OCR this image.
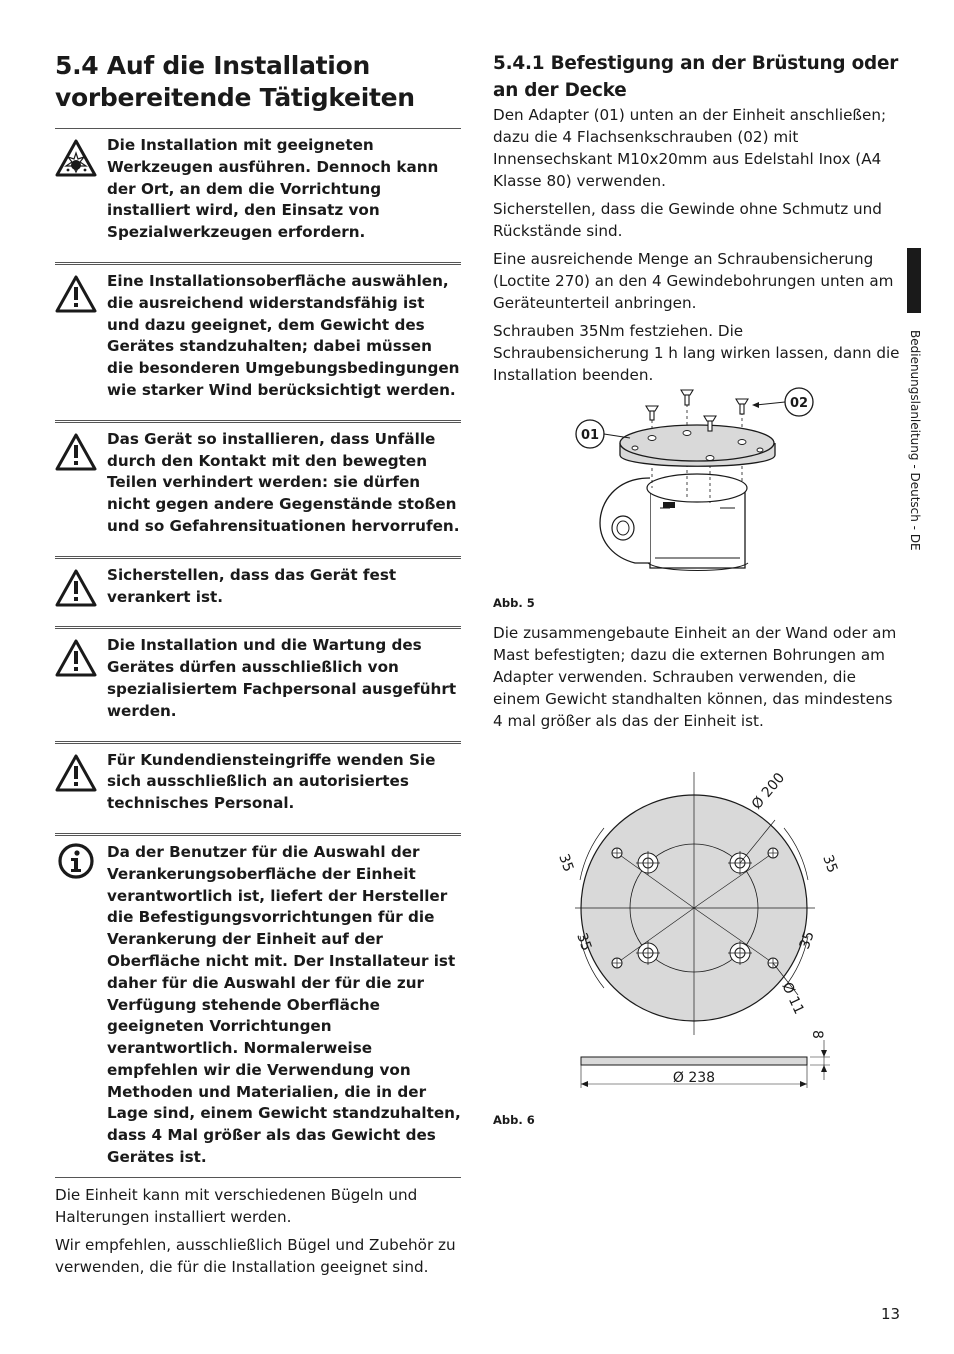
5.4 Auf die Installation
vorbereitende Tätigkeiten
Die Installation mit geeigneten Werkzeugen ausführen. Dennoch kann der Ort, an dem die Vorrichtung installiert wird, den Einsatz von Spezialwerkzeugen erfordern.
Eine Installationsoberfläche auswählen, die ausreichend widerstandsfähig ist und dazu geeignet, dem Gewicht des Gerätes standzuhalten; dabei müssen die besonderen Umgebungsbedingungen wie starker Wind berücksichtigt werden.
Das Gerät so installieren, dass Unfälle durch den Kontakt mit den bewegten Teilen verhindert werden: sie dürfen nicht gegen andere Gegenstände stoßen und so Gefahrensituationen hervorrufen.
Sicherstellen, dass das Gerät fest verankert ist.
Die Installation und die Wartung des Gerätes dürfen ausschließlich von spezialisiertem Fachpersonal ausgeführt werden.
Für Kundendiensteingriffe wenden Sie sich ausschließlich an autorisiertes technisches Personal.
Da der Benutzer für die Auswahl der Verankerungsoberfläche der Einheit verantwortlich ist, liefert der Hersteller die Befestigungsvorrichtungen für die Verankerung der Einheit auf der Oberfläche nicht mit. Der Installateur ist daher für die Auswahl der für die zur Verfügung stehende Oberfläche geeigneten Vorrichtungen verantwortlich. Normalerweise empfehlen wir die Verwendung von Methoden und Materialien, die in der Lage sind, einem Gewicht standzuhalten, dass 4 Mal größer als das Gewicht des Gerätes ist.

Die Einheit kann mit verschiedenen Bügeln und Halterungen installiert werden.

Wir empfehlen, ausschließlich Bügel und Zubehör zu verwenden, die für die Installation geeignet sind.

5.4.1 Befestigung an der Brüstung oder
an der Decke

Den Adapter (01) unten an der Einheit anschließen; dazu die 4 Flachsenkschrauben (02) mit Innensechskant M10x20mm aus Edelstahl Inox (A4 Klasse 80) verwenden.

Sicherstellen, dass die Gewinde ohne Schmutz und Rückstände sind.

Eine ausreichende Menge an Schraubensicherung (Loctite 270) an den 4 Gewindebohrungen unten am Geräteunterteil anbringen.

Schrauben 35Nm festziehen. Die Schraubensicherung 1 h lang wirken lassen, dann die Installation beenden.

01
02
Abb. 5

Die zusammengebaute Einheit an der Wand oder am Mast befestigten; dazu die externen Bohrungen am Adapter verwenden. Schrauben verwenden, die einem Gewicht standhalten können, das mindestens 4 mal größer als das der Einheit ist.

Ø 200
35	35
35	35
Ø 11
8
Ø 238
Abb. 6
Bedienungslanleitung - Deutsch - DE
13
